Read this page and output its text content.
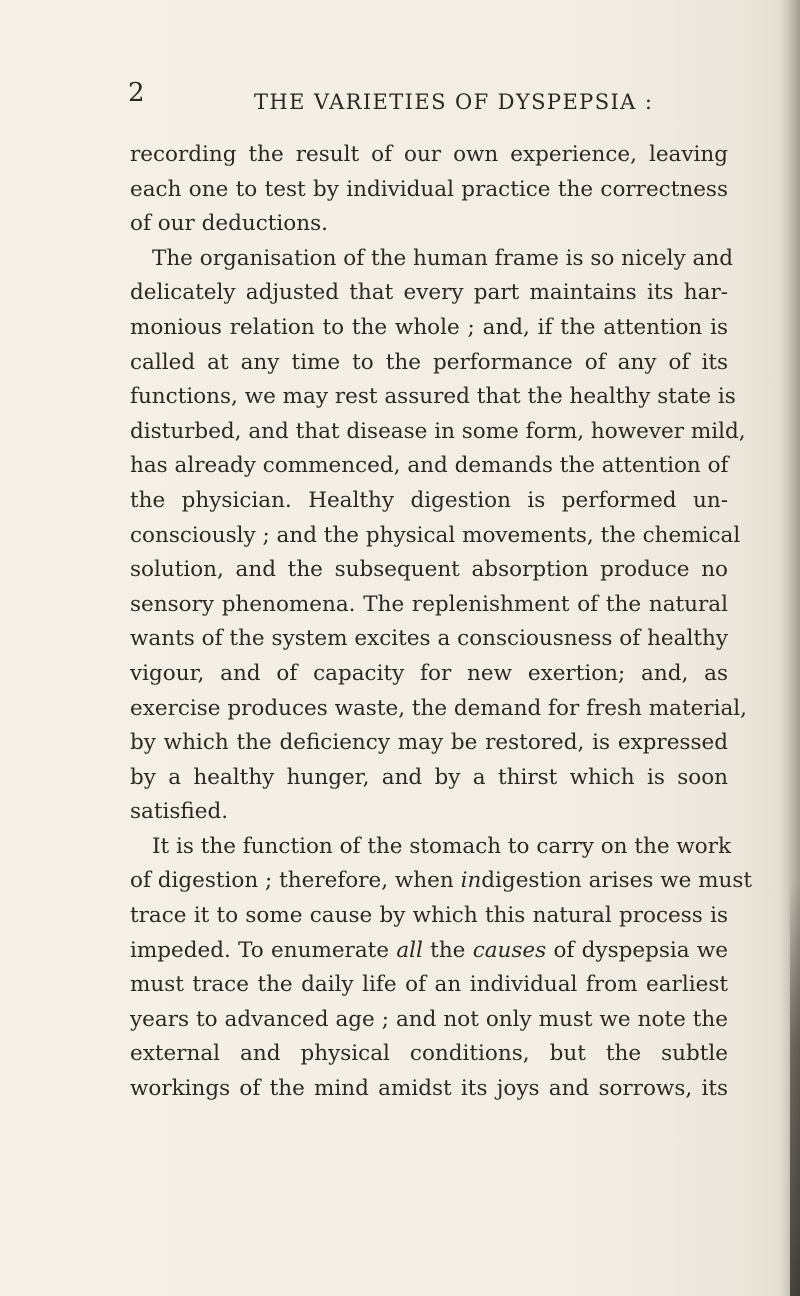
2	THE VARIETIES OF DYSPEPSIA :
recording the result of our own experience, leaving
each one to test by individual practice the correctness
of our deductions.
The organisation of the human frame is so nicely and
delicately adjusted that every part maintains its har-
monious relation to the whole ; and, if the attention is
called at any time to the performance of any of its
functions, we may rest assured that the healthy state is
disturbed, and that disease in some form, however mild,
has already commenced, and demands the attention of
the physician. Healthy digestion is performed un-
consciously ; and the physical movements, the chemical
solution, and the subsequent absorption produce no
sensory phenomena. The replenishment of the natural
wants of the system excites a consciousness of healthy
vigour, and of capacity for new exertion; and, as
exercise produces waste, the demand for fresh material,
by which the deficiency may be restored, is expressed
by a healthy hunger, and by a thirst which is soon
satisfied.
It is the function of the stomach to carry on the work
of digestion ; therefore, when indigestion arises we must
trace it to some cause by which this natural process is
impeded. To enumerate all the causes of dyspepsia we
must trace the daily life of an individual from earliest
years to advanced age ; and not only must we note the
external and physical conditions, but the subtle
workings of the mind amidst its joys and sorrows, its
